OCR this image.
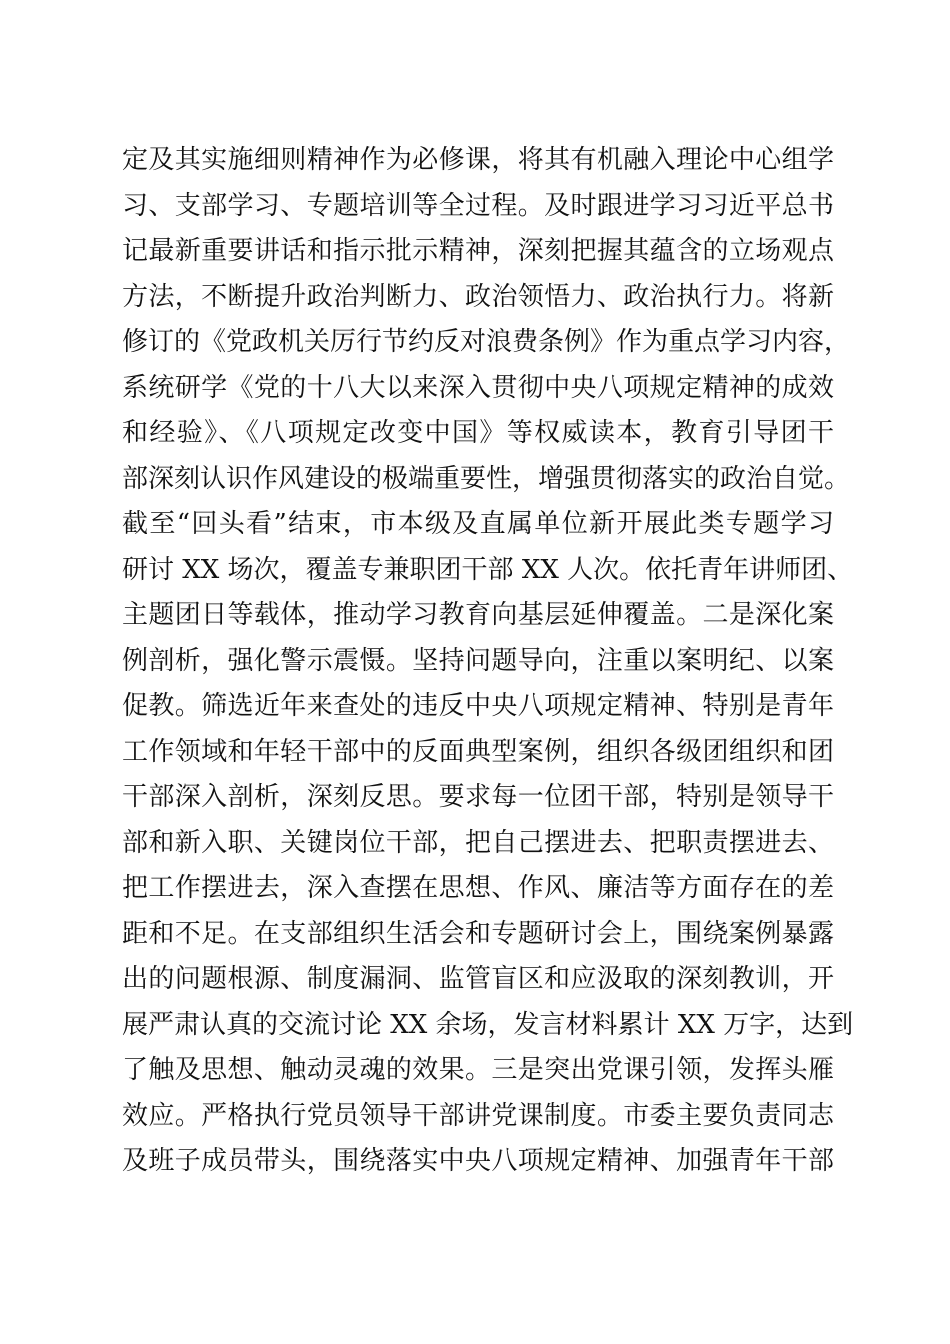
定及其实施细则精神作为必修课，将其有机融入理论中心组学
习、支部学习、专题培训等全过程。及时跟进学习习近平总书
记最新重要讲话和指示批示精神，深刻把握其蕴含的立场观点
方法，不断提升政治判断力、政治领悟力、政治执行力。将新
修订的《党政机关厉行节约反对浪费条例》作为重点学习内容，
系统研学《党的十八大以来深入贯彻中央八项规定精神的成效
和经验》、《八项规定改变中国》等权威读本，教育引导团干
部深刻认识作风建设的极端重要性，增强贯彻落实的政治自觉。
截至“回头看”结束，市本级及直属单位新开展此类专题学习
研讨 XX 场次，覆盖专兼职团干部 XX 人次。依托青年讲师团、
主题团日等载体，推动学习教育向基层延伸覆盖。二是深化案
例剖析，强化警示震慑。坚持问题导向，注重以案明纪、以案
促教。筛选近年来查处的违反中央八项规定精神、特别是青年
工作领域和年轻干部中的反面典型案例，组织各级团组织和团
干部深入剖析，深刻反思。要求每一位团干部，特别是领导干
部和新入职、关键岗位干部，把自己摆进去、把职责摆进去、
把工作摆进去，深入查摆在思想、作风、廉洁等方面存在的差
距和不足。在支部组织生活会和专题研讨会上，围绕案例暴露
出的问题根源、制度漏洞、监管盲区和应汲取的深刻教训，开
展严肃认真的交流讨论 XX 余场，发言材料累计 XX 万字，达到
了触及思想、触动灵魂的效果。三是突出党课引领，发挥头雁
效应。严格执行党员领导干部讲党课制度。市委主要负责同志
及班子成员带头，围绕落实中央八项规定精神、加强青年干部
